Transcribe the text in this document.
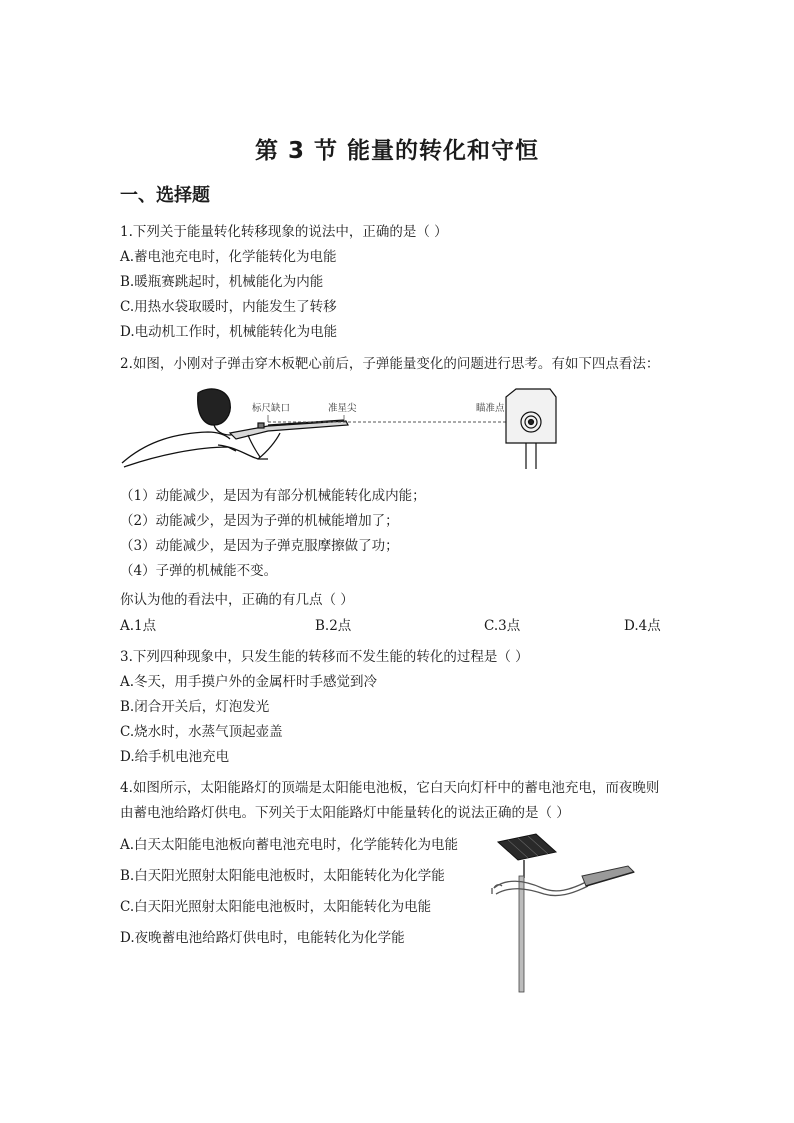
第 3 节 能量的转化和守恒
一、选择题
1.下列关于能量转化转移现象的说法中，正确的是（ ）
A.蓄电池充电时，化学能转化为电能
B.暖瓶赛跳起时，机械能化为内能
C.用热水袋取暖时，内能发生了转移
D.电动机工作时，机械能转化为电能
2.如图，小刚对子弹击穿木板靶心前后，子弹能量变化的问题进行思考。有如下四点看法：
标尺缺口	准星尖	瞄准点
（1）动能减少，是因为有部分机械能转化成内能；
（2）动能减少，是因为子弹的机械能增加了；
（3）动能减少，是因为子弹克服摩擦做了功；
（4）子弹的机械能不变。
你认为他的看法中，正确的有几点（ ）
A.1点	B.2点	C.3点	D.4点
3.下列四种现象中，只发生能的转移而不发生能的转化的过程是（ ）
A.冬天，用手摸户外的金属杆时手感觉到冷
B.闭合开关后，灯泡发光
C.烧水时，水蒸气顶起壶盖
D.给手机电池充电
4.如图所示，太阳能路灯的顶端是太阳能电池板，它白天向灯杆中的蓄电池充电，而夜晚则
由蓄电池给路灯供电。下列关于太阳能路灯中能量转化的说法正确的是（ ）
A.白天太阳能电池板向蓄电池充电时，化学能转化为电能
B.白天阳光照射太阳能电池板时，太阳能转化为化学能
C.白天阳光照射太阳能电池板时，太阳能转化为电能
D.夜晚蓄电池给路灯供电时，电能转化为化学能
